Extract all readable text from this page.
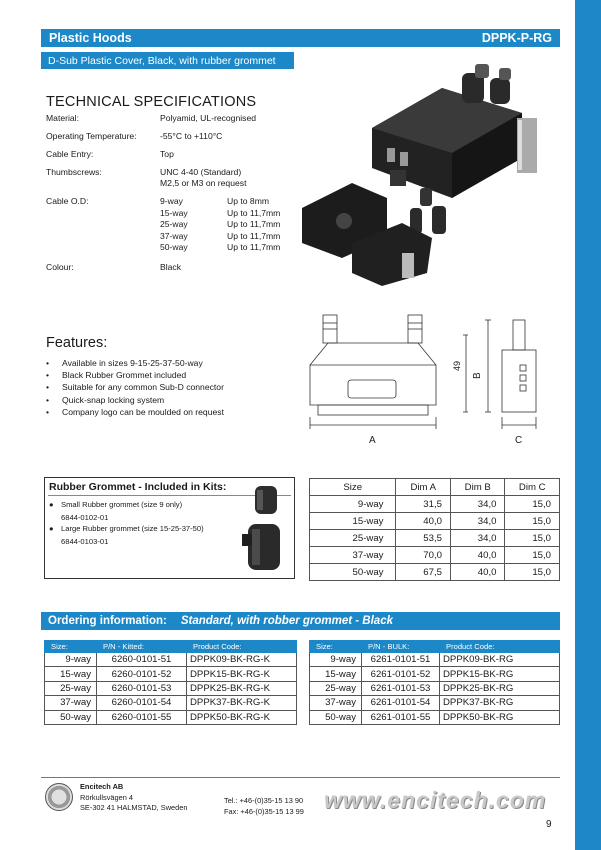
Plastic Hoods	DPPK-P-RG
D-Sub Plastic Cover, Black, with rubber grommet
TECHNICAL SPECIFICATIONS
Material:	Polyamid, UL-recognised
Operating Temperature:	-55°C to +110°C
Cable Entry:	Top
Thumbscrews:	UNC 4-40 (Standard)
M2,5 or M3 on request
Cable O.D:	9-way	Up to 8mm
15-way	Up to 11,7mm
25-way	Up to 11,7mm
37-way	Up to 11,7mm
50-way	Up to 11,7mm
Colour:	Black
Features:
•	Available in sizes 9-15-25-37-50-way
•	Black Rubber Grommet included
•	Suitable for any common Sub-D connector
•	Quick-snap locking system
•	Company logo can be moulded on request
A	C
B
49
Rubber Grommet - Included in Kits:
● Small Rubber grommet (size 9 only)
6844-0102-01
● Large Rubber grommet (size 15-25-37-50)
6844-0103-01
Size	Dim A	Dim B	Dim C
9-way	31,5	34,0	15,0
15-way	40,0	34,0	15,0
25-way	53,5	34,0	15,0
37-way	70,0	40,0	15,0
50-way	67,5	40,0	15,0
Ordering information: Standard, with robber grommet - Black
Size:	P/N - Kitted:	Product Code:
9-way	6260-0101-51	DPPK09-BK-RG-K
15-way	6260-0101-52	DPPK15-BK-RG-K
25-way	6260-0101-53	DPPK25-BK-RG-K
37-way	6260-0101-54	DPPK37-BK-RG-K
50-way	6260-0101-55	DPPK50-BK-RG-K
Size:	P/N - BULK:	Product Code:
9-way	6261-0101-51	DPPK09-BK-RG
15-way	6261-0101-52	DPPK15-BK-RG
25-way	6261-0101-53	DPPK25-BK-RG
37-way	6261-0101-54	DPPK37-BK-RG
50-way	6261-0101-55	DPPK50-BK-RG
Encitech AB
Rörkullsvägen 4
SE-302 41 HALMSTAD, Sweden
Tel.: +46-(0)35-15 13 90
Fax: +46-(0)35-15 13 99 www.encitech.com
9
